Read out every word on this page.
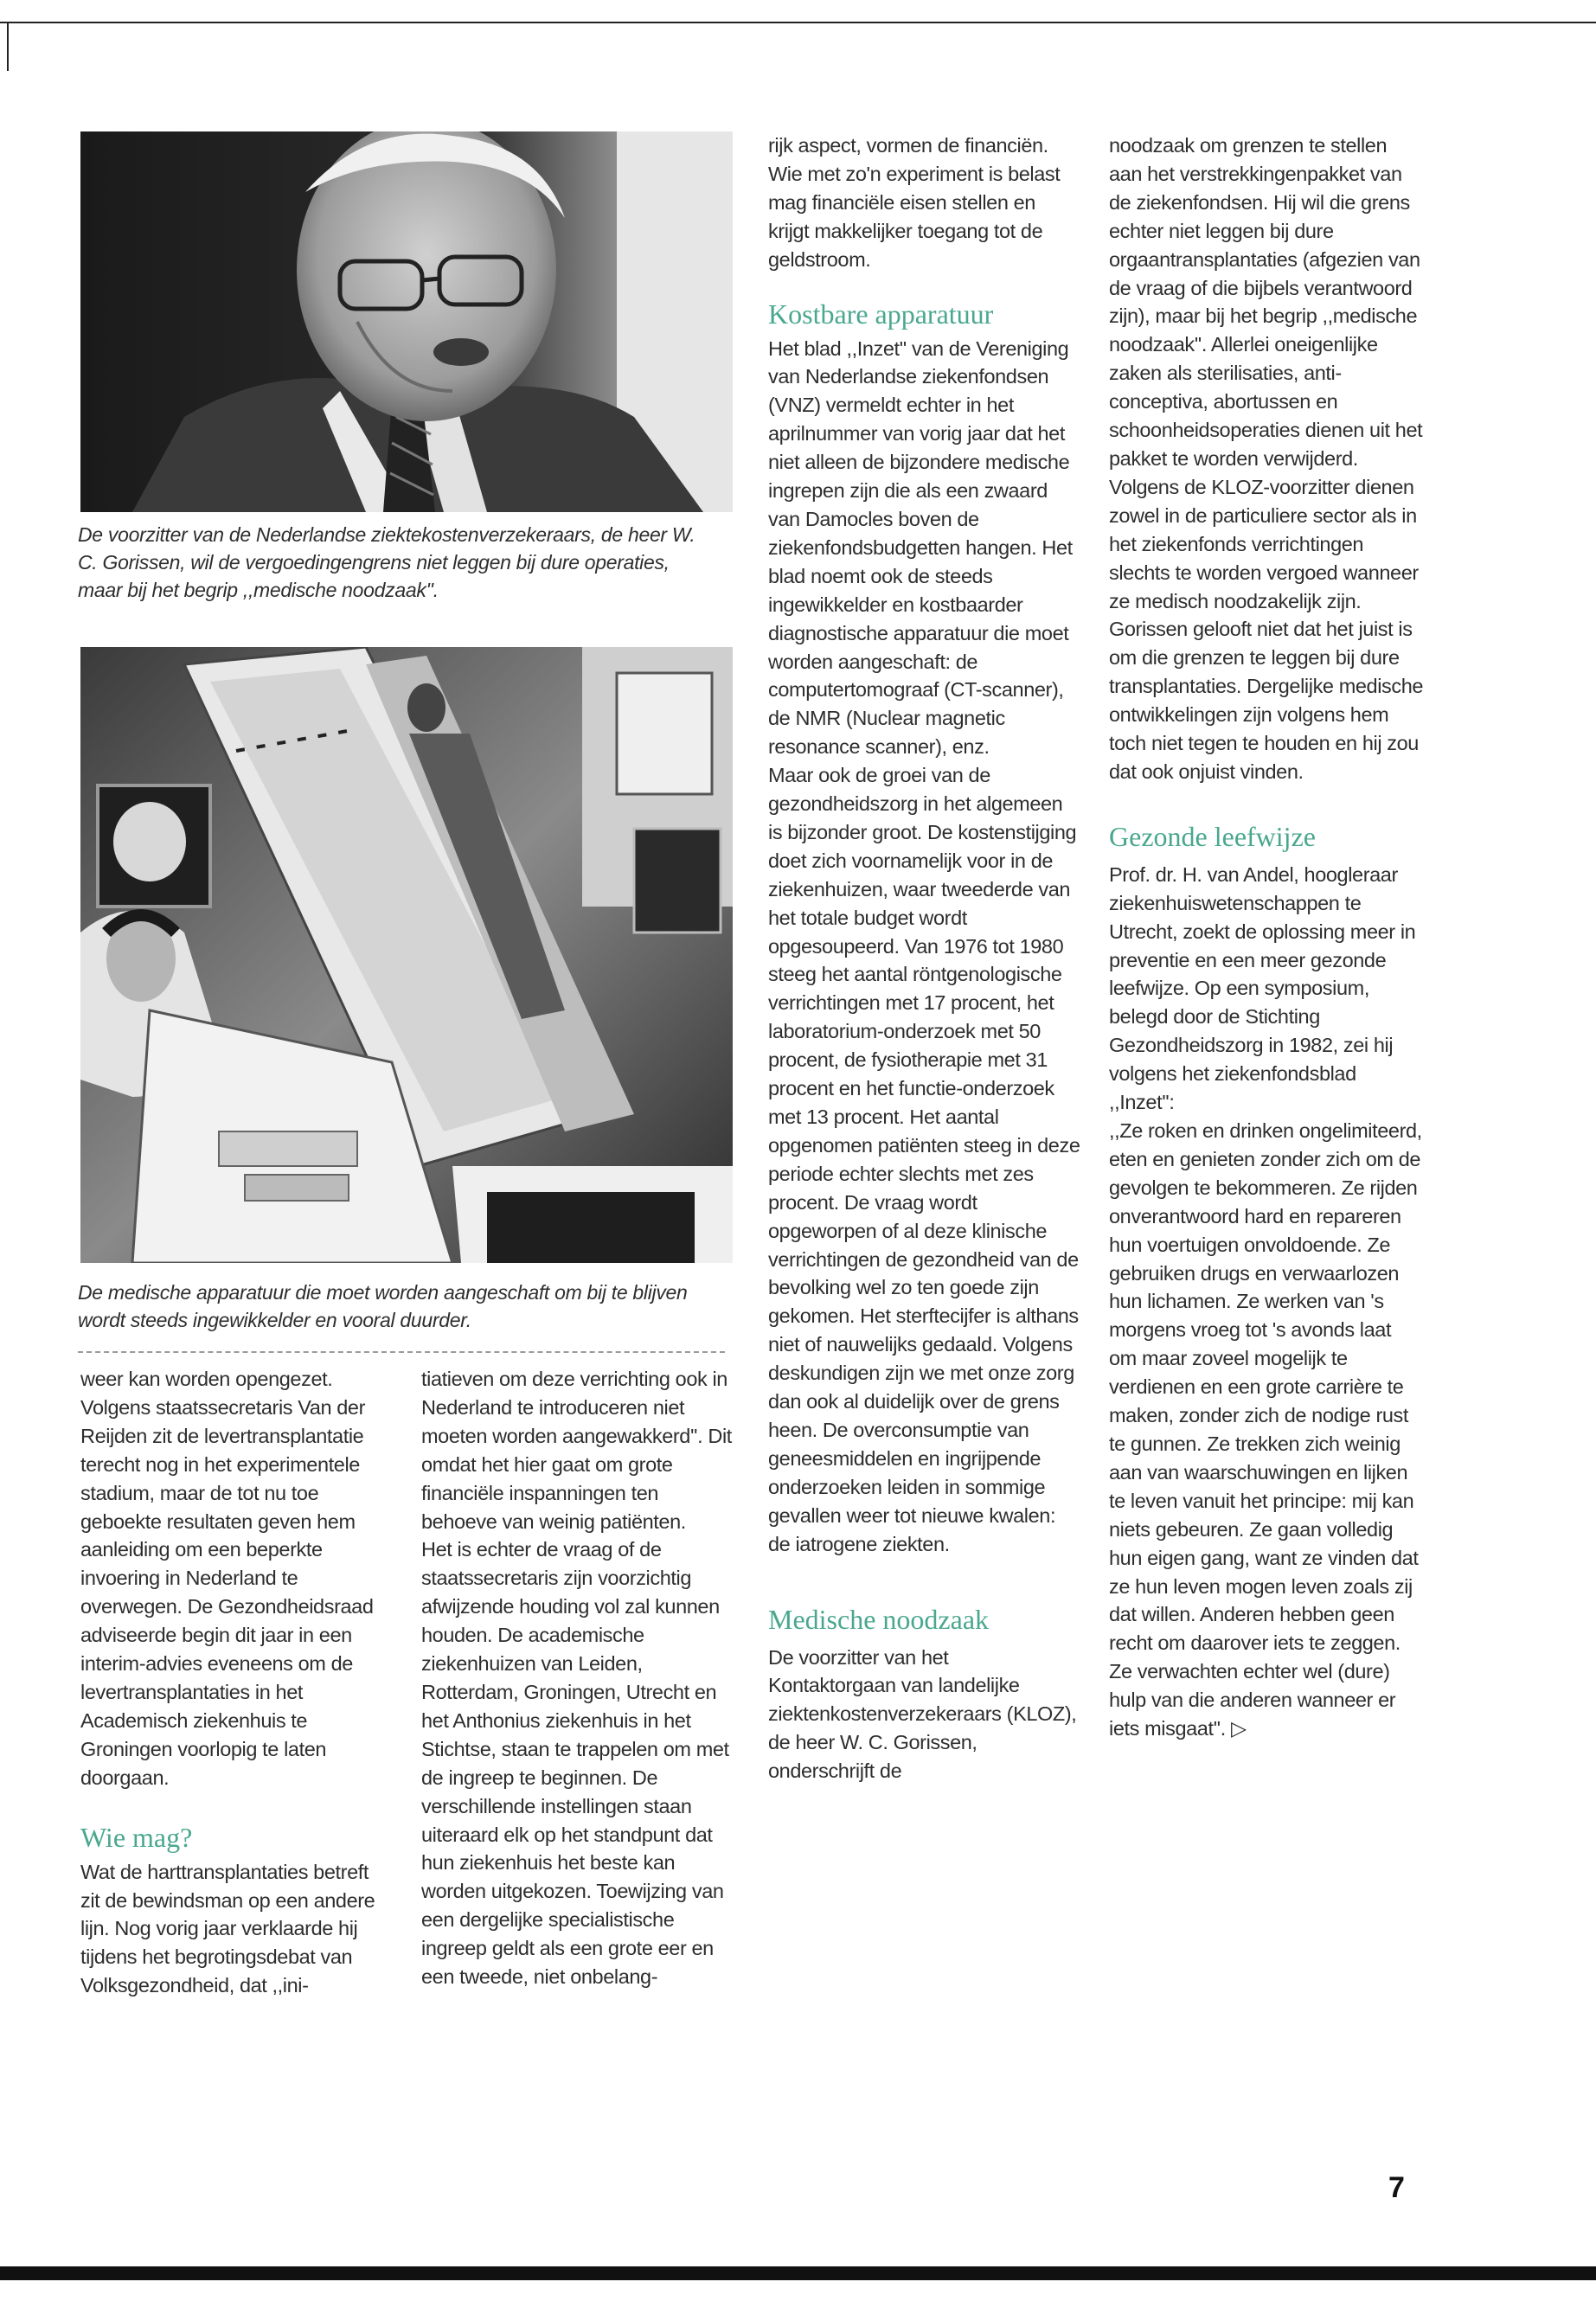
De voorzitter van de Nederlandse ziektekostenverzekeraars, de heer W. C. Gorissen, wil de vergoedingengrens niet leggen bij dure operaties, maar bij het begrip ,,medische noodzaak''.
De medische apparatuur die moet worden aangeschaft om bij te blijven wordt steeds ingewikkelder en vooral duurder.

weer kan worden opengezet.

Volgens staatssecretaris Van der Reijden zit de levertransplantatie terecht nog in het experimentele stadium, maar de tot nu toe geboekte resultaten geven hem aanleiding om een beperkte invoering in Nederland te overwegen. De Gezondheidsraad adviseerde begin dit jaar in een interim-advies eveneens om de levertransplantaties in het Academisch ziekenhuis te Groningen voorlopig te laten doorgaan.

Wie mag?

Wat de harttransplantaties betreft zit de bewindsman op een andere lijn. Nog vorig jaar verklaarde hij tijdens het begrotingsdebat van Volksgezondheid, dat ,,ini-

tiatieven om deze verrichting ook in Nederland te introduceren niet moeten worden aangewakkerd''. Dit omdat het hier gaat om grote financiële inspanningen ten behoeve van weinig patiënten.

Het is echter de vraag of de staatssecretaris zijn voorzichtig afwijzende houding vol zal kunnen houden. De academische ziekenhuizen van Leiden, Rotterdam, Groningen, Utrecht en het Anthonius ziekenhuis in het Stichtse, staan te trappelen om met de ingreep te beginnen. De verschillende instellingen staan uiteraard elk op het standpunt dat hun ziekenhuis het beste kan worden uitgekozen. Toewijzing van een dergelijke specialistische ingreep geldt als een grote eer en een tweede, niet onbelang-

rijk aspect, vormen de financiën. Wie met zo'n experiment is belast mag financiële eisen stellen en krijgt makkelijker toegang tot de geldstroom.

Kostbare apparatuur

Het blad ,,Inzet'' van de Vereniging van Nederlandse ziekenfondsen (VNZ) vermeldt echter in het aprilnummer van vorig jaar dat het niet alleen de bijzondere medische ingrepen zijn die als een zwaard van Damocles boven de ziekenfondsbudgetten hangen. Het blad noemt ook de steeds ingewikkelder en kostbaarder diagnostische apparatuur die moet worden aangeschaft: de computertomograaf (CT-scanner), de NMR (Nuclear magnetic resonance scanner), enz.

Maar ook de groei van de gezondheidszorg in het algemeen is bijzonder groot. De kostenstijging doet zich voornamelijk voor in de ziekenhuizen, waar tweederde van het totale budget wordt opgesoupeerd. Van 1976 tot 1980 steeg het aantal röntgenologische verrichtingen met 17 procent, het laboratorium-onderzoek met 50 procent, de fysiotherapie met 31 procent en het functie-onderzoek met 13 procent. Het aantal opgenomen patiënten steeg in deze periode echter slechts met zes procent. De vraag wordt opgeworpen of al deze klinische verrichtingen de gezondheid van de bevolking wel zo ten goede zijn gekomen. Het sterftecijfer is althans niet of nauwelijks gedaald. Volgens deskundigen zijn we met onze zorg dan ook al duidelijk over de grens heen. De overconsumptie van geneesmiddelen en ingrijpende onderzoeken leiden in sommige gevallen weer tot nieuwe kwalen: de iatrogene ziekten.

Medische noodzaak

De voorzitter van het Kontaktorgaan van landelijke ziektenkostenverzekeraars (KLOZ), de heer W. C. Gorissen, onderschrijft de

noodzaak om grenzen te stellen aan het verstrekkingenpakket van de ziekenfondsen. Hij wil die grens echter niet leggen bij dure orgaantransplantaties (afgezien van de vraag of die bijbels verantwoord zijn), maar bij het begrip ,,medische noodzaak''. Allerlei oneigenlijke zaken als sterilisaties, anti-conceptiva, abortussen en schoonheidsoperaties dienen uit het pakket te worden verwijderd. Volgens de KLOZ-voorzitter dienen zowel in de particuliere sector als in het ziekenfonds verrichtingen slechts te worden vergoed wanneer ze medisch noodzakelijk zijn. Gorissen gelooft niet dat het juist is om die grenzen te leggen bij dure transplantaties. Dergelijke medische ontwikkelingen zijn volgens hem toch niet tegen te houden en hij zou dat ook onjuist vinden.

Gezonde leefwijze

Prof. dr. H. van Andel, hoogleraar ziekenhuiswetenschappen te Utrecht, zoekt de oplossing meer in preventie en een meer gezonde leefwijze. Op een symposium, belegd door de Stichting Gezondheidszorg in 1982, zei hij volgens het ziekenfondsblad ,,Inzet'':

,,Ze roken en drinken ongelimiteerd, eten en genieten zonder zich om de gevolgen te bekommeren. Ze rijden onverantwoord hard en repareren hun voertuigen onvoldoende. Ze gebruiken drugs en verwaarlozen hun lichamen. Ze werken van 's morgens vroeg tot 's avonds laat om maar zoveel mogelijk te verdienen en een grote carrière te maken, zonder zich de nodige rust te gunnen. Ze trekken zich weinig aan van waarschuwingen en lijken te leven vanuit het principe: mij kan niets gebeuren. Ze gaan volledig hun eigen gang, want ze vinden dat ze hun leven mogen leven zoals zij dat willen. Anderen hebben geen recht om daarover iets te zeggen. Ze verwachten echter wel (dure) hulp van die anderen wanneer er iets misgaat''. ▷

7
